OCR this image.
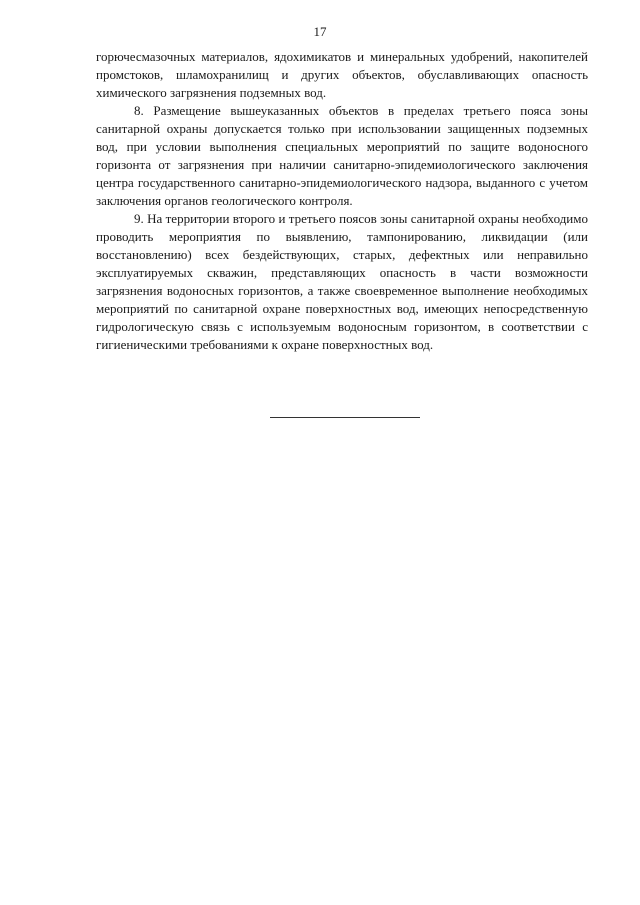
17

горючесмазочных материалов, ядохимикатов и минеральных удобрений, накопителей промстоков, шламохранилищ и других объектов, обуславливающих опасность химического загрязнения подземных вод.

8. Размещение вышеуказанных объектов в пределах третьего пояса зоны санитарной охраны допускается только при использовании защищенных подземных вод, при условии выполнения специальных мероприятий по защите водоносного горизонта от загрязнения при наличии санитарно-эпидемиологического заключения центра государственного санитарно-эпидемиологического надзора, выданного с учетом заключения органов геологического контроля.

9. На территории второго и третьего поясов зоны санитарной охраны необходимо проводить мероприятия по выявлению, тампонированию, ликвидации (или восстановлению) всех бездействующих, старых, дефектных или неправильно эксплуатируемых скважин, представляющих опасность в части возможности загрязнения водоносных горизонтов, а также своевременное выполнение необходимых мероприятий по санитарной охране поверхностных вод, имеющих непосредственную гидрологическую связь с используемым водоносным горизонтом, в соответствии с гигиеническими требованиями к охране поверхностных вод.
